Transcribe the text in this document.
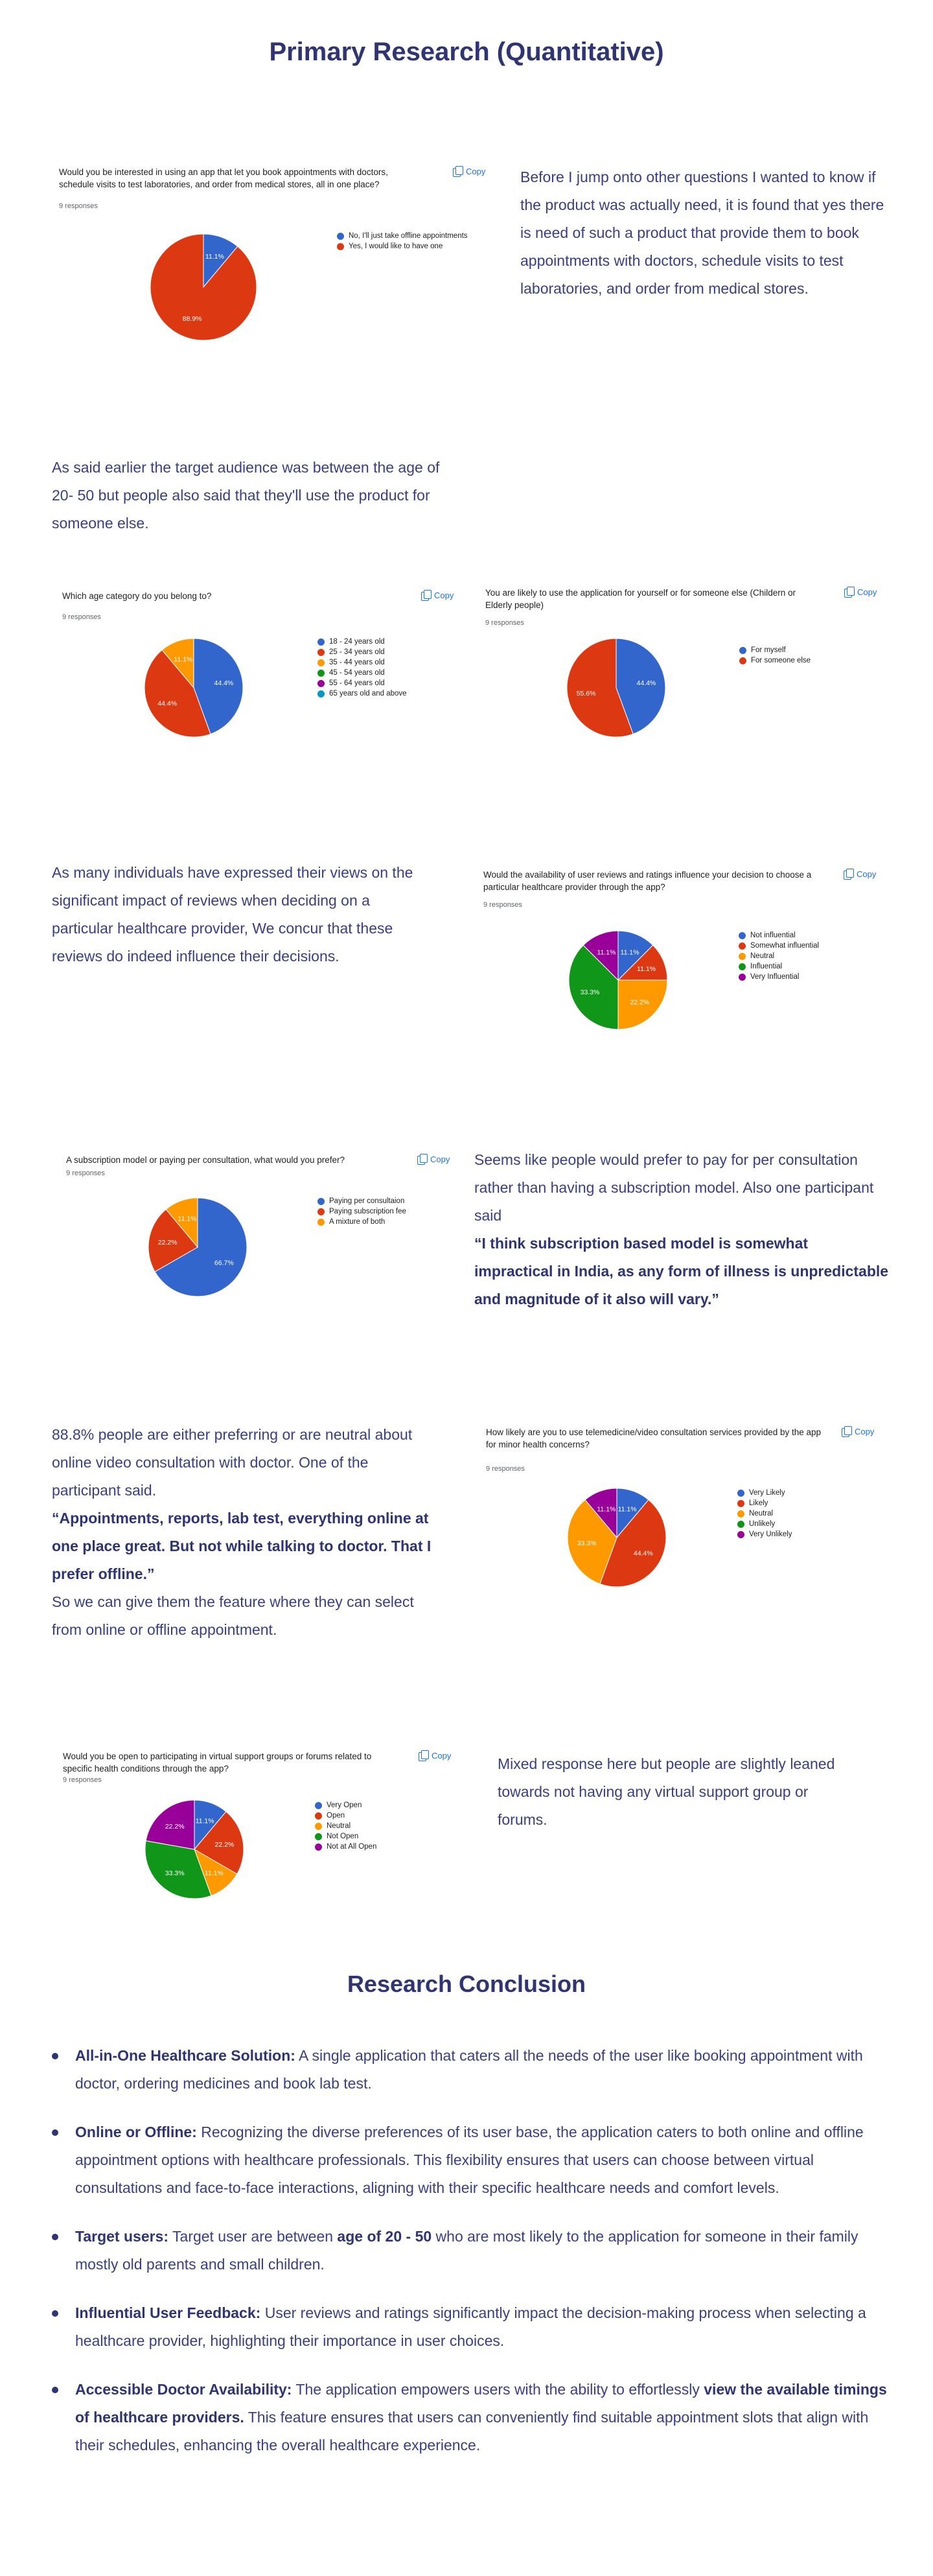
Primary Research (Quantitative)
Would you be interested in using an app that let you book appointments with doctors, schedule visits to test laboratories, and order from medical stores, all in one place?
9 responses
Copy
11.1%
88.9%
No, I'll just take offline appointments
Yes, I would like to have one
Before I jump onto other questions I wanted to know if the product was actually need, it is found that yes there is need of such a product that provide them to book appointments with doctors, schedule visits to test laboratories, and order from medical stores.
As said earlier the target audience was between the age of 20- 50 but people also said that they'll use the product for someone else.
Which age category do you belong to?
9 responses
Copy
44.4%
44.4%
11.1%
18 - 24 years old
25 - 34 years old
35 - 44 years old
45 - 54 years old
55 - 64 years old
65 years old and above
You are likely to use the application for yourself or for someone else (Childern or Elderly people)
9 responses
Copy
44.4%
55.6%
For myself
For someone else
As many individuals have expressed their views on the significant impact of reviews when deciding on a particular healthcare provider, We concur that these reviews do indeed influence their decisions.
Would the availability of user reviews and ratings influence your decision to choose a particular healthcare provider through the app?
9 responses
Copy
11.1%
11.1%
22.2%
33.3%
11.1%
Not influential
Somewhat influential
Neutral
Influential
Very Influential
A subscription model or paying per consultation, what would you prefer?
9 responses
Copy
66.7%
22.2%
11.1%
Paying per consultaion
Paying subscription fee
A mixture of both

Seems like people would prefer to pay for per consultation rather than having a subscription model. Also one participant said

“I think subscription based model is somewhat impractical in India, as any form of illness is unpredictable and magnitude of it also will vary.”

88.8% people are either preferring or are neutral about online video consultation with doctor. One of the participant said.

“Appointments, reports, lab test, everything online at one place great. But not while talking to doctor. That I prefer offline.”

So we can give them the feature where they can select from online or offline appointment.

How likely are you to use telemedicine/video consultation services provided by the app for minor health concerns?
9 responses
Copy
11.1%
44.4%
33.3%
11.1%
Very Likely
Likely
Neutral
Unlikely
Very Unlikely
Would you be open to participating in virtual support groups or forums related to specific health conditions through the app?
9 responses
Copy
11.1%
22.2%
11.1%
33.3%
22.2%
Very Open
Open
Neutral
Not Open
Not at All Open
Mixed response here but people are slightly leaned towards not having any virtual support group or forums.
Research Conclusion
All-in-One Healthcare Solution: A single application that caters all the needs of the user like booking appointment with doctor, ordering medicines and book lab test.
Online or Offline: Recognizing the diverse preferences of its user base, the application caters to both online and offline appointment options with healthcare professionals. This flexibility ensures that users can choose between virtual consultations and face-to-face interactions, aligning with their specific healthcare needs and comfort levels.
Target users: Target user are between age of 20 - 50 who are most likely to the application for someone in their family mostly old parents and small children.
Influential User Feedback: User reviews and ratings significantly impact the decision-making process when selecting a healthcare provider, highlighting their importance in user choices.
Accessible Doctor Availability: The application empowers users with the ability to effortlessly view the available timings of healthcare providers. This feature ensures that users can conveniently find suitable appointment slots that align with their schedules, enhancing the overall healthcare experience.
